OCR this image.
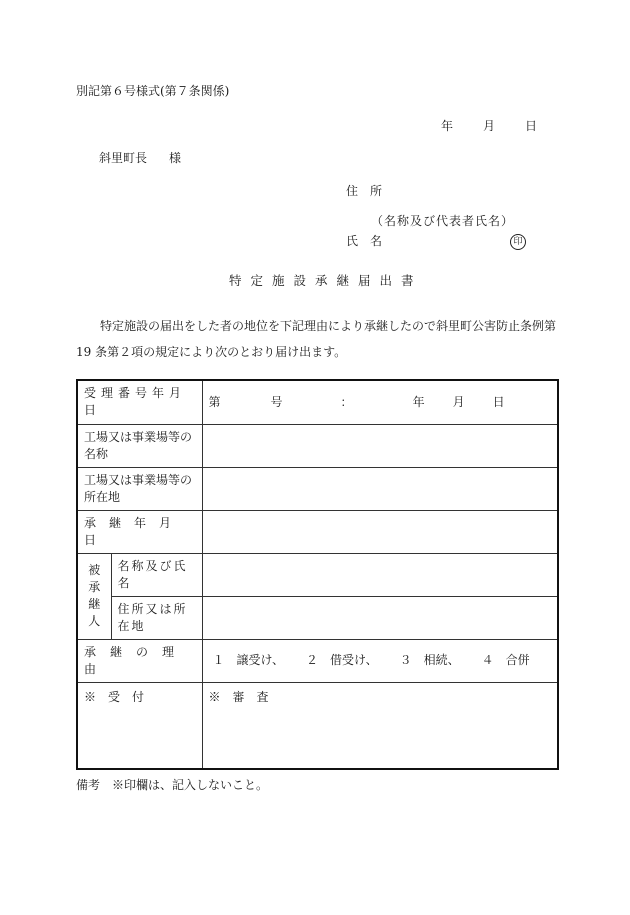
別記第６号様式(第７条関係)
年	月	日
斜里町長 様
住　所
（名称及び代表者氏名）
氏　名	印
特定施設承継届出書
特定施設の届出をした者の地位を下記理由により承継したので斜里町公害防止条例第
19 条第２項の規定により次のとおり届け出ます。
受理番号年月日		第 号 ： 年 月 日
工場又は事業場等の名称		
工場又は事業場等の所在地		
承継年月日		

被承継人	名称及び氏名	
	住所又は所在地	
承継の理由		１　譲受け、 ２　借受け、 ３　相続、 ４　合併
※　受　付		※　審　査
備考 ※印欄は、記入しないこと。
